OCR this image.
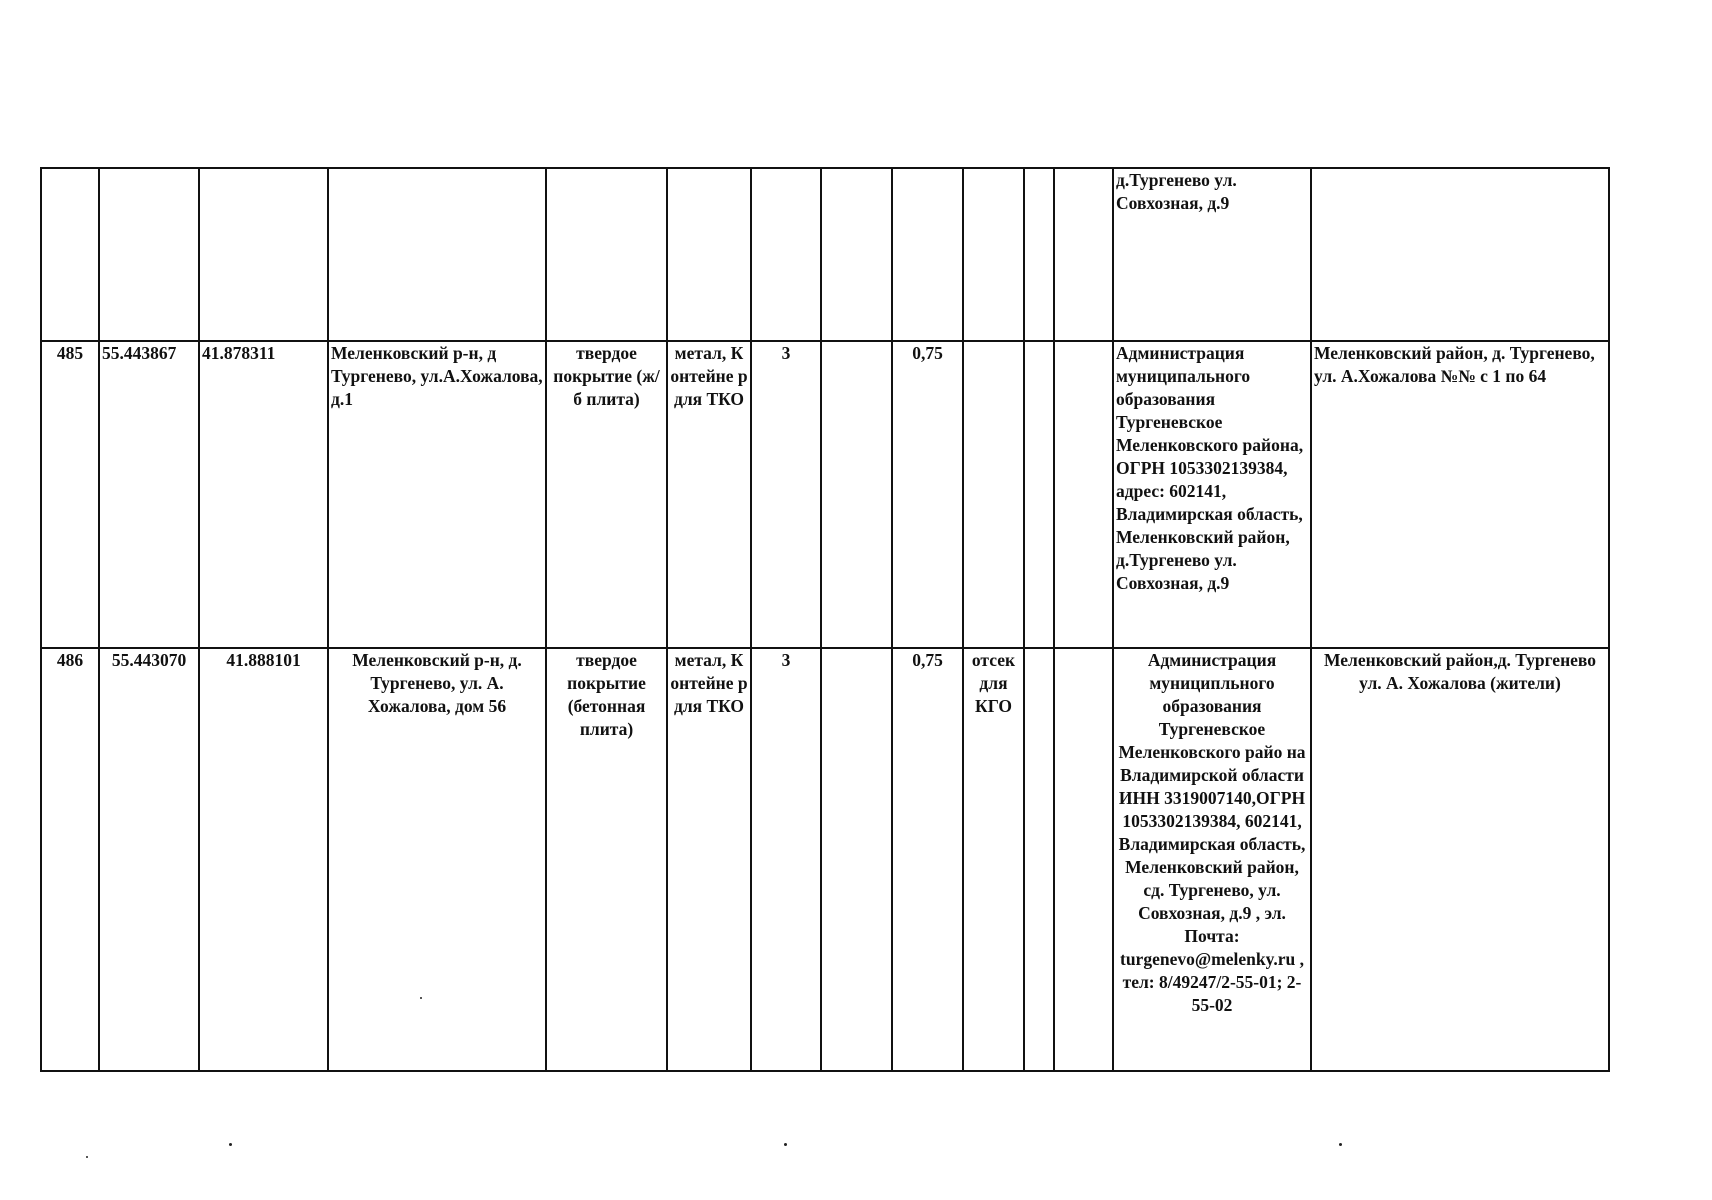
												д.Тургенево ул. Совхозная, д.9	
485	55.443867	41.878311	Меленковский р-н, д Тургенево, ул.А.Хожалова, д.1	твердое покрытие (ж/б плита)	метал, К онтейне р для ТКО	3		0,75				Администрация муниципального образования Тургеневское Меленковского района, ОГРН 1053302139384, адрес: 602141, Владимирская область, Меленковский район, д.Тургенево ул. Совхозная, д.9	Меленковский район, д. Тургенево, ул. А.Хожалова №№ с 1 по 64
486	55.443070	41.888101	Меленковский р-н, д. Тургенево, ул. А. Хожалова, дом 56	твердое покрытие (бетонная плита)	метал, К онтейне р для ТКО	3		0,75	отсек для КГО			Администрация муниципльного образования Тургеневское Меленковского райо на Владимирской области ИНН 3319007140,ОГРН 1053302139384, 602141, Владимирская область, Меленковский район, сд. Тургенево, ул. Совхозная, д.9 , эл. Почта: turgenevo@melenky.ru , тел: 8/49247/2-55-01; 2-55-02	Меленковский район,д. Тургенево ул. А. Хожалова (жители)
